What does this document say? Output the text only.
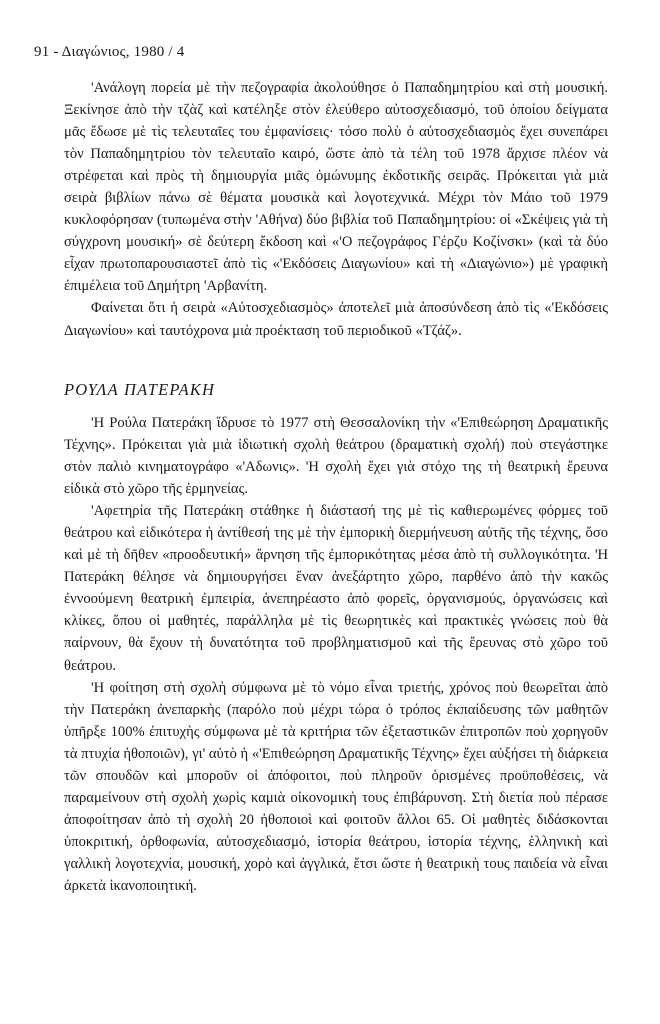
91 - Διαγώνιος, 1980 / 4

'Ανάλογη πορεία μὲ τὴν πεζογραφία ἀκολούθησε ὁ Παπαδημητρίου καὶ στὴ μουσική. Ξεκίνησε ἀπὸ τὴν τζὰζ καὶ κατέληξε στὸν ἐλεύθερο αὐτοσχεδιασμό, τοῦ ὁποίου δείγματα μᾶς ἔδωσε μὲ τὶς τελευταῖες του ἐμφανίσεις· τόσο πολὺ ὁ αὐτοσχεδιασμὸς ἔχει συνεπάρει τὸν Παπαδημητρίου τὸν τελευταῖο καιρό, ὥστε ἀπὸ τὰ τέλη τοῦ 1978 ἄρχισε πλέον νὰ στρέφεται καὶ πρὸς τὴ δημιουργία μιᾶς ὁμώνυμης ἐκδοτικῆς σειρᾶς. Πρόκειται γιὰ μιὰ σειρὰ βιβλίων πάνω σὲ θέματα μουσικὰ καὶ λογοτεχνικά. Μέχρι τὸν Μάιο τοῦ 1979 κυκλοφόρησαν (τυπωμένα στὴν 'Αθήνα) δύο βιβλία τοῦ Παπαδημητρίου: οἱ «Σκέψεις γιὰ τὴ σύγχρονη μουσική» σὲ δεύτερη ἔκδοση καὶ «'Ο πεζογράφος Γέρζυ Κοζίνσκι» (καὶ τὰ δύο εἶχαν πρωτοπαρουσιαστεῖ ἀπὸ τὶς «'Εκδόσεις Διαγωνίου» καὶ τὴ «Διαγώνιο») μὲ γραφικὴ ἐπιμέλεια τοῦ Δημήτρη 'Αρβανίτη.

Φαίνεται ὅτι ἡ σειρὰ «Αὐτοσχεδιασμὸς» ἀποτελεῖ μιὰ ἀποσύνδεση ἀπὸ τὶς «'Εκδόσεις Διαγωνίου» καὶ ταυτόχρονα μιὰ προέκταση τοῦ περιοδικοῦ «Τζάζ».

ΡΟΥΛΑ ΠΑΤΕΡΑΚΗ

'Η Ρούλα Πατεράκη ἵδρυσε τὸ 1977 στὴ Θεσσαλονίκη τὴν «'Επιθεώρηση Δραματικῆς Τέχνης». Πρόκειται γιὰ μιὰ ἰδιωτικὴ σχολὴ θεάτρου (δραματικὴ σχολή) ποὺ στεγάστηκε στὸν παλιὸ κινηματογράφο «'Αδωνις». 'Η σχολὴ ἔχει γιὰ στόχο της τὴ θεατρικὴ ἔρευνα εἰδικὰ στὸ χῶρο τῆς ἑρμηνείας.

'Αφετηρία τῆς Πατεράκη στάθηκε ἡ διάστασή της μὲ τὶς καθιερωμένες φόρμες τοῦ θεάτρου καὶ εἰδικότερα ἡ ἀντίθεσή της μὲ τὴν ἐμπορικὴ διερμήνευση αὐτῆς τῆς τέχνης, ὅσο καὶ μὲ τὴ δῆθεν «προοδευτική» ἄρνηση τῆς ἐμπορικότητας μέσα ἀπὸ τὴ συλλογικότητα. 'Η Πατεράκη θέλησε νὰ δημιουργήσει ἕναν ἀνεξάρτητο χῶρο, παρθένο ἀπὸ τὴν κακῶς ἐννοούμενη θεατρικὴ ἐμπειρία, ἀνεπηρέαστο ἀπὸ φορεῖς, ὀργανισμούς, ὀργανώσεις καὶ κλίκες, ὅπου οἱ μαθητές, παράλληλα μὲ τὶς θεωρητικὲς καὶ πρακτικὲς γνώσεις ποὺ θὰ παίρνουν, θὰ ἔχουν τὴ δυνατότητα τοῦ προβληματισμοῦ καὶ τῆς ἔρευνας στὸ χῶρο τοῦ θεάτρου.

'Η φοίτηση στὴ σχολὴ σύμφωνα μὲ τὸ νόμο εἶναι τριετής, χρόνος ποὺ θεωρεῖται ἀπὸ τὴν Πατεράκη ἀνεπαρκὴς (παρόλο ποὺ μέχρι τώρα ὁ τρόπος ἐκπαίδευσης τῶν μαθητῶν ὑπῆρξε 100% ἐπιτυχὴς σύμφωνα μὲ τὰ κριτήρια τῶν ἐξεταστικῶν ἐπιτροπῶν ποὺ χορηγοῦν τὰ πτυχία ἠθοποιῶν), γι' αὐτὸ ἡ «'Επιθεώρηση Δραματικῆς Τέχνης» ἔχει αὐξήσει τὴ διάρκεια τῶν σπουδῶν καὶ μποροῦν οἱ ἀπόφοιτοι, ποὺ πληροῦν ὁρισμένες προϋποθέσεις, νὰ παραμείνουν στὴ σχολὴ χωρὶς καμιὰ οἰκονομικὴ τους ἐπιβάρυνση. Στὴ διετία ποὺ πέρασε ἀποφοίτησαν ἀπὸ τὴ σχολὴ 20 ἠθοποιοὶ καὶ φοιτοῦν ἄλλοι 65. Οἱ μαθητὲς διδάσκονται ὑποκριτική, ὀρθοφωνία, αὐτοσχεδιασμό, ἱστορία θεάτρου, ἱστορία τέχνης, ἑλληνικὴ καὶ γαλλικὴ λογοτεχνία, μουσική, χορὸ καὶ ἀγγλικά, ἔτσι ὥστε ἡ θεατρικὴ τους παιδεία νὰ εἶναι ἀρκετὰ ἱκανοποιητική.
